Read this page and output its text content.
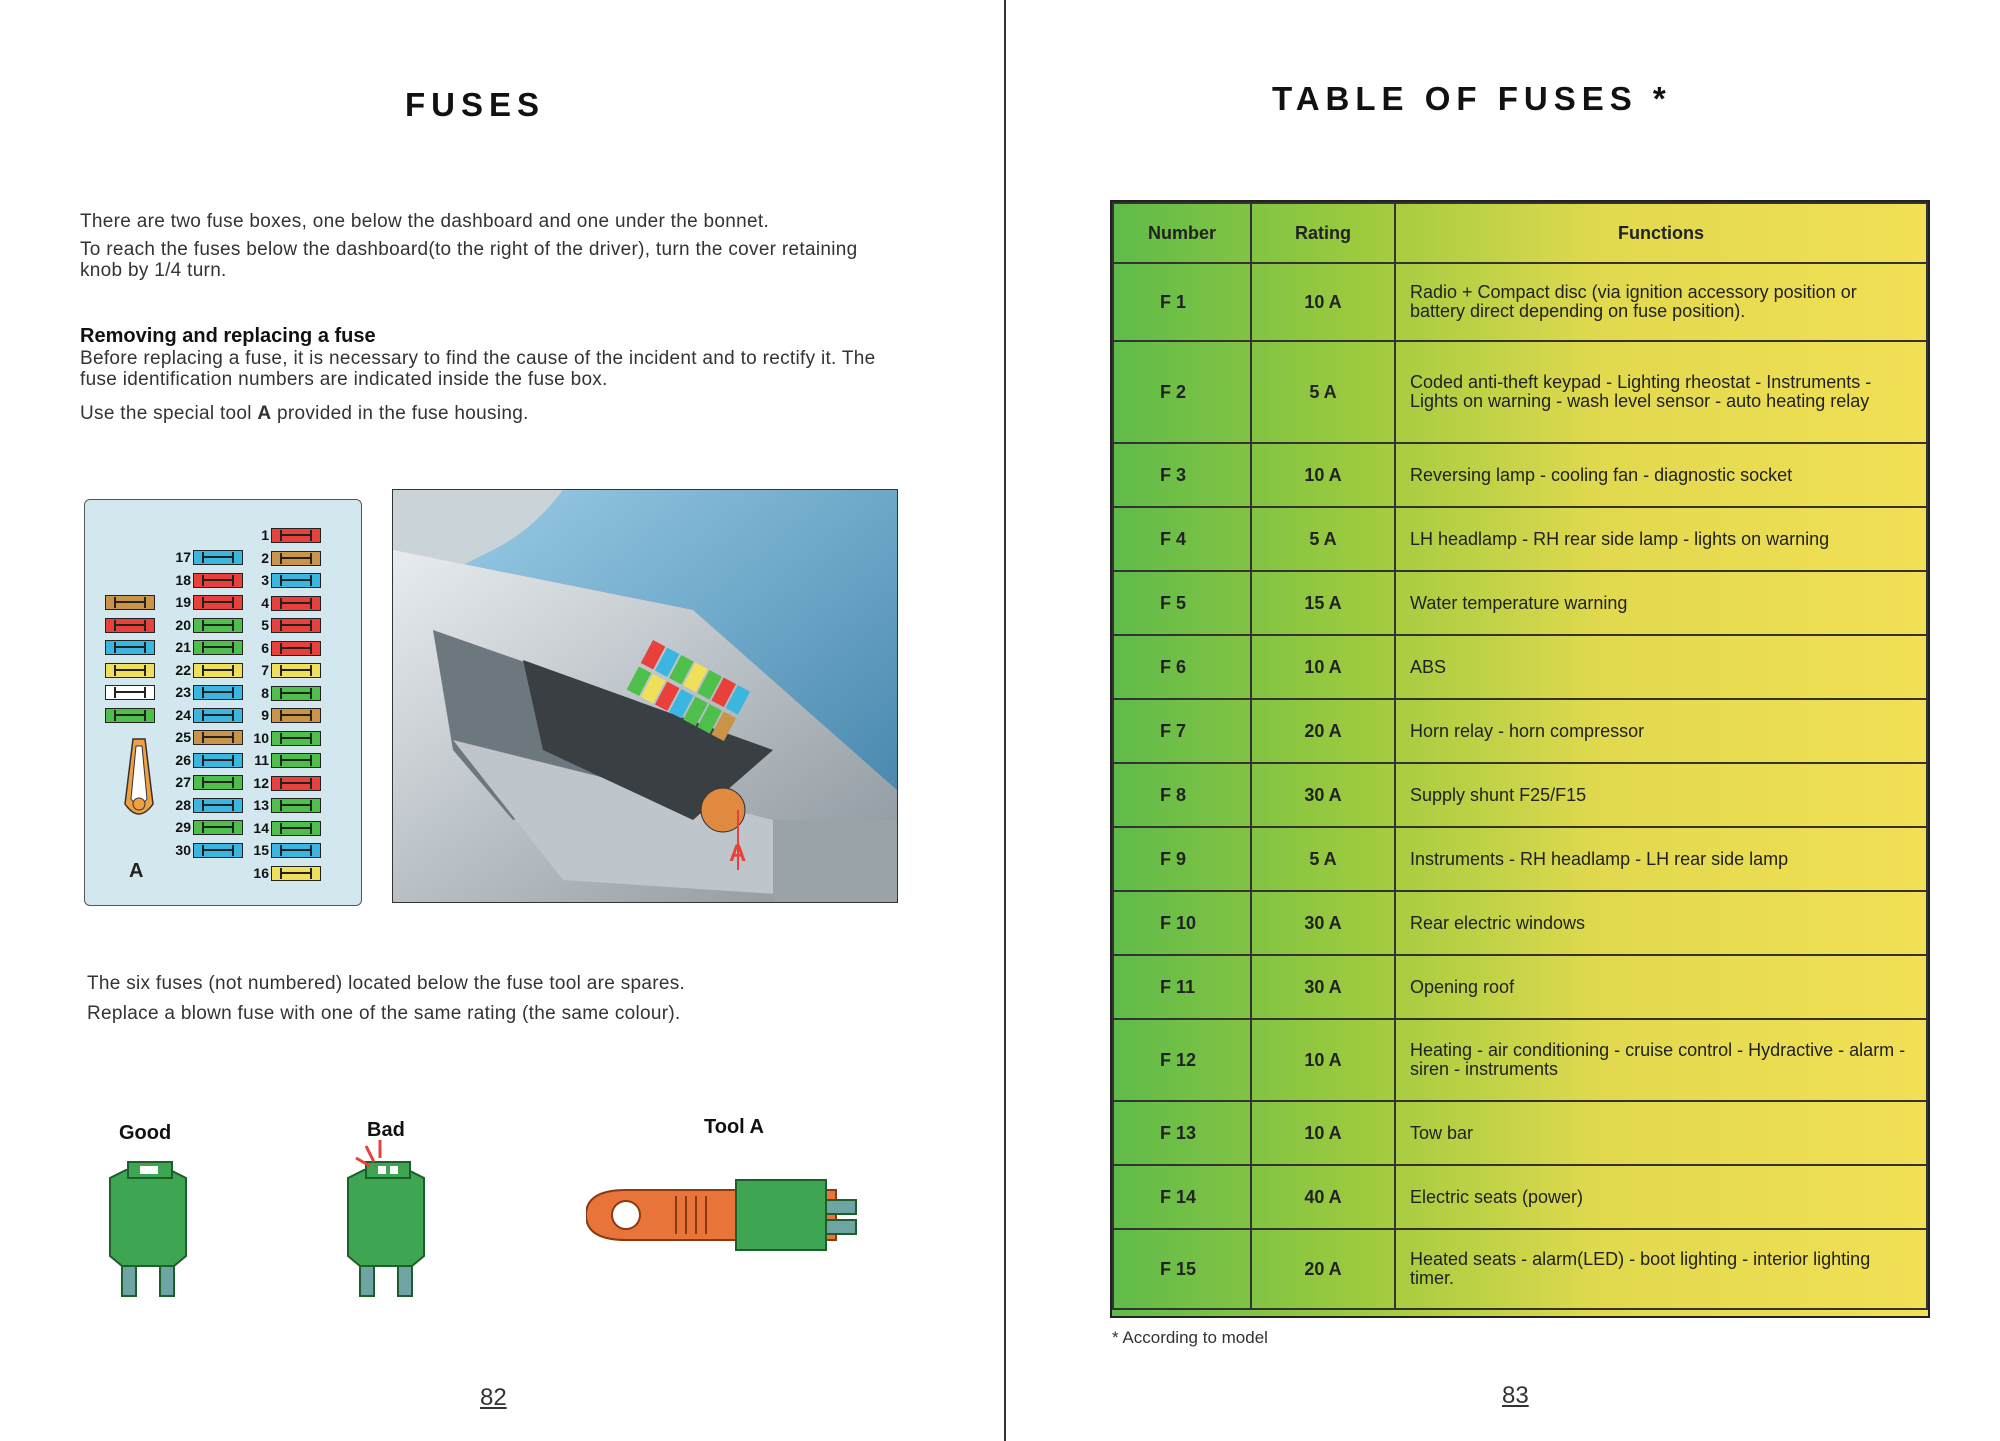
FUSES

There are two fuse boxes, one below the dashboard and one under the bonnet.

To reach the fuses below the dashboard(to the right of the driver), turn the cover retaining knob by 1/4 turn.

Removing and replacing a fuse

Before replacing a fuse, it is necessary to find the cause of the incident and to rectify it. The fuse identification numbers are indicated inside the fuse box.

Use the special tool A provided in the fuse housing.

1
2
3
4
5
6
7
8
9
10
11
12
13
14
15
16
17
18
19
20
21
22
23
24
25
26
27
28
29
30
A
A

The six fuses (not numbered) located below the fuse tool are spares.

Replace a blown fuse with one of the same rating (the same colour).

Good	Bad	Tool A
82
TABLE OF FUSES *
Number	Rating	Functions
F 1	10 A	Radio + Compact disc (via ignition accessory position or battery direct depending on fuse position).
F 2	5 A	Coded anti-theft keypad - Lighting rheostat - Instruments - Lights on warning - wash level sensor - auto heating relay
F 3	10 A	Reversing lamp - cooling fan - diagnostic socket
F 4	5 A	LH headlamp - RH rear side lamp - lights on warning
F 5	15 A	Water temperature warning
F 6	10 A	ABS
F 7	20 A	Horn relay - horn compressor
F 8	30 A	Supply shunt F25/F15
F 9	5 A	Instruments - RH headlamp - LH rear side lamp
F 10	30 A	Rear electric windows
F 11	30 A	Opening roof
F 12	10 A	Heating - air conditioning - cruise control - Hydractive - alarm - siren - instruments
F 13	10 A	Tow bar
F 14	40 A	Electric seats (power)
F 15	20 A	Heated seats - alarm(LED) - boot lighting - interior lighting timer.
* According to model
83
